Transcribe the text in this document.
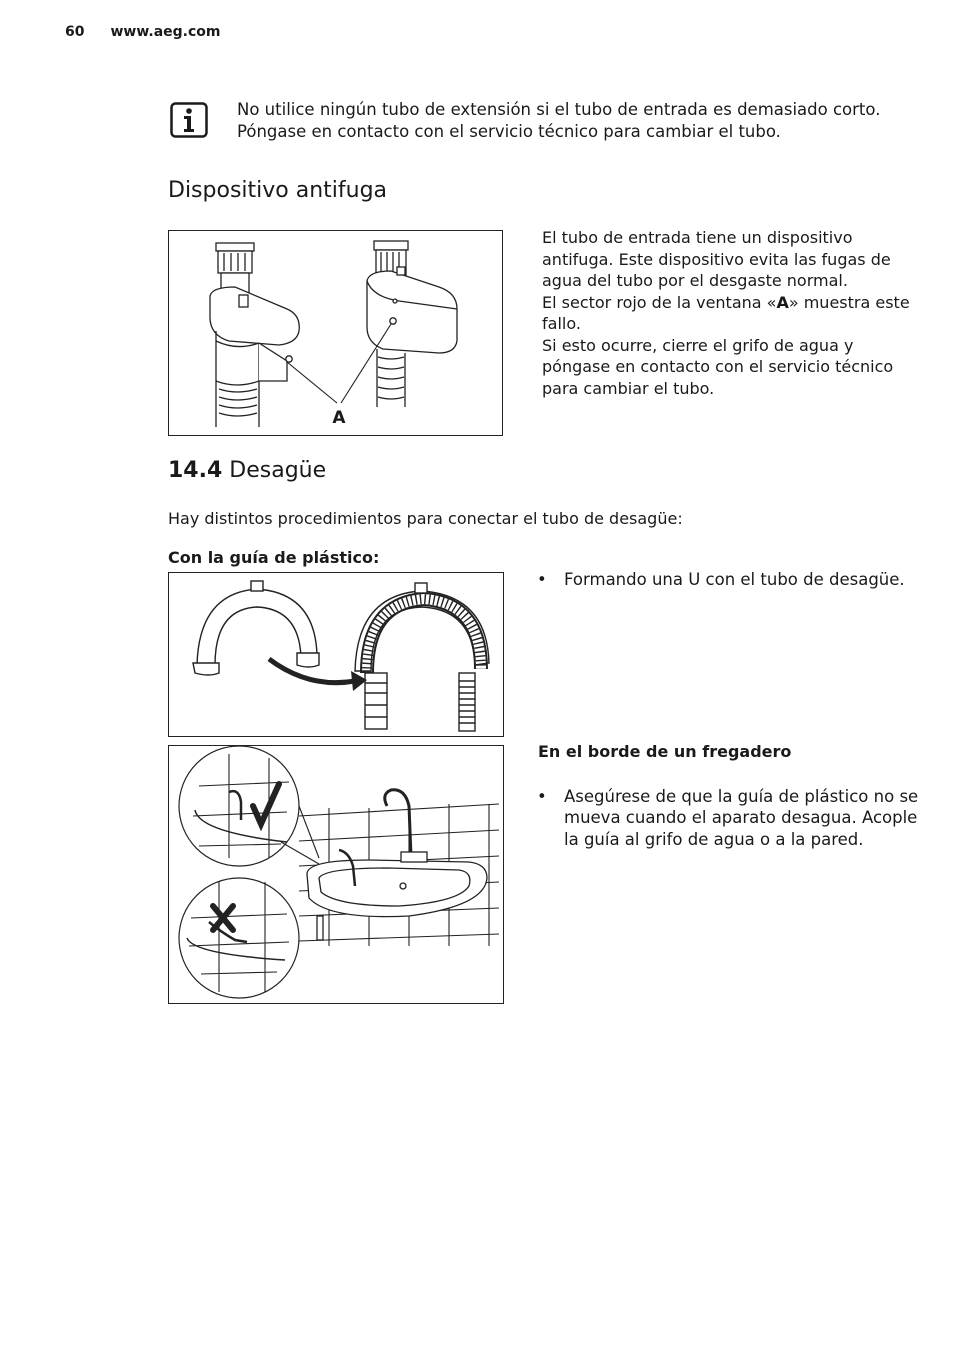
60 www.aeg.com
No utilice ningún tubo de extensión si el tubo de entrada es demasiado corto. Póngase en contacto con el servicio técnico para cambiar el tubo.
Dispositivo antifuga
A
El tubo de entrada tiene un dispositivo antifuga. Este dispositivo evita las fugas de agua del tubo por el desgaste normal.
El sector rojo de la ventana «A» muestra este fallo.
Si esto ocurre, cierre el grifo de agua y póngase en contacto con el servicio técnico para cambiar el tubo.
14.4 Desagüe
Hay distintos procedimientos para conectar el tubo de desagüe:
Con la guía de plástico:
• Formando una U con el tubo de desagüe.
En el borde de un fregadero
• Asegúrese de que la guía de plástico no se mueva cuando el aparato desagua. Acople la guía al grifo de agua o a la pared.
